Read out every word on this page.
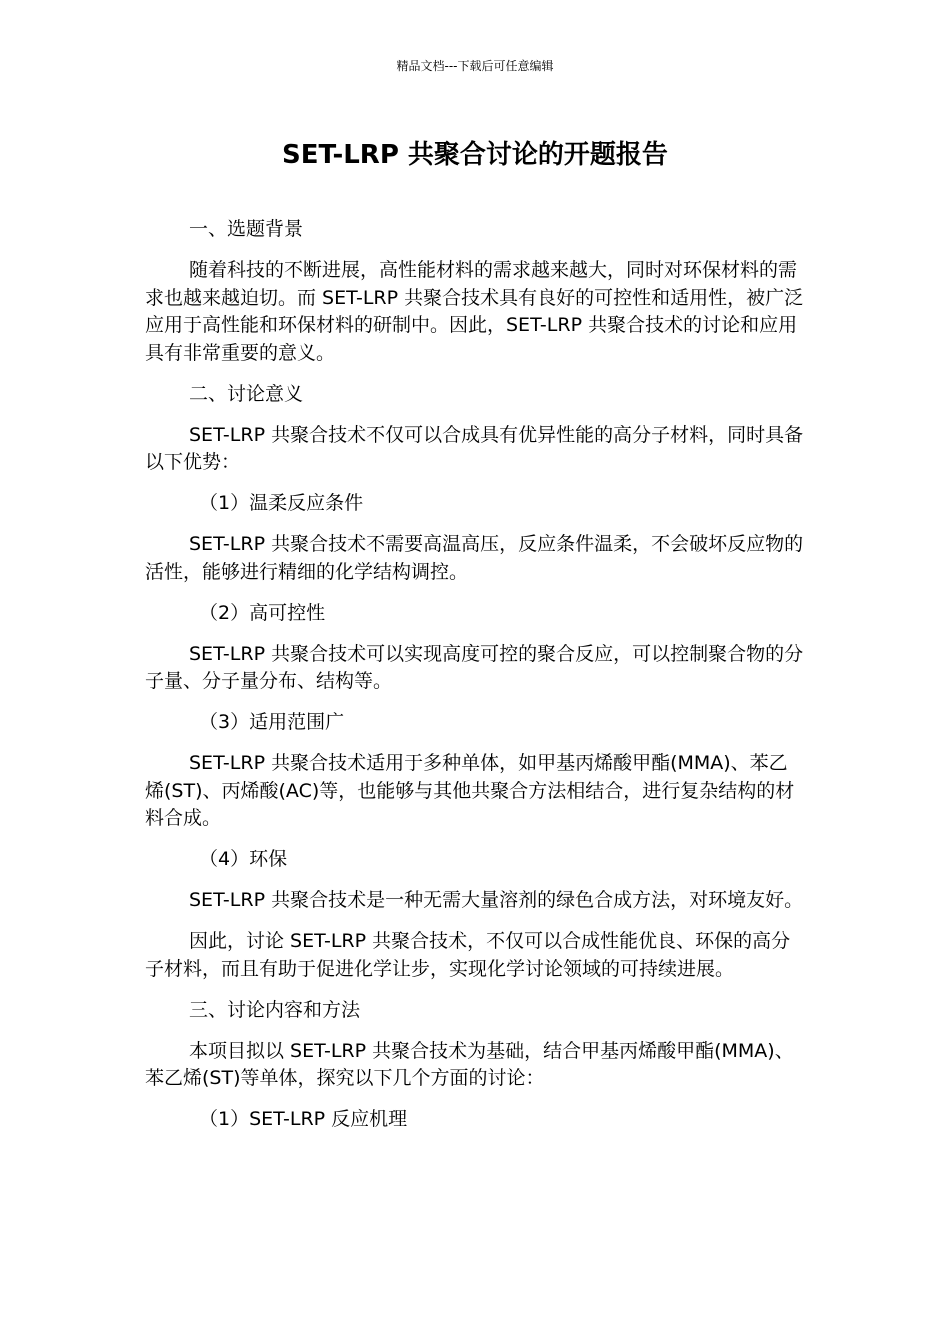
精品文档---下载后可任意编辑
SET-LRP 共聚合讨论的开题报告

一、选题背景

随着科技的不断进展，高性能材料的需求越来越大，同时对环保材料的需求也越来越迫切。而 SET-LRP 共聚合技术具有良好的可控性和适用性，被广泛应用于高性能和环保材料的研制中。因此，SET-LRP 共聚合技术的讨论和应用具有非常重要的意义。

二、讨论意义

SET-LRP 共聚合技术不仅可以合成具有优异性能的高分子材料，同时具备以下优势：

（1）温柔反应条件

SET-LRP 共聚合技术不需要高温高压，反应条件温柔，不会破坏反应物的活性，能够进行精细的化学结构调控。

（2）高可控性

SET-LRP 共聚合技术可以实现高度可控的聚合反应，可以控制聚合物的分子量、分子量分布、结构等。

（3）适用范围广

SET-LRP 共聚合技术适用于多种单体，如甲基丙烯酸甲酯(MMA)、苯乙烯(ST)、丙烯酸(AC)等，也能够与其他共聚合方法相结合，进行复杂结构的材料合成。

（4）环保

SET-LRP 共聚合技术是一种无需大量溶剂的绿色合成方法，对环境友好。

因此，讨论 SET-LRP 共聚合技术，不仅可以合成性能优良、环保的高分子材料，而且有助于促进化学让步，实现化学讨论领域的可持续进展。

三、讨论内容和方法

本项目拟以 SET-LRP 共聚合技术为基础，结合甲基丙烯酸甲酯(MMA)、苯乙烯(ST)等单体，探究以下几个方面的讨论：

（1）SET-LRP 反应机理
